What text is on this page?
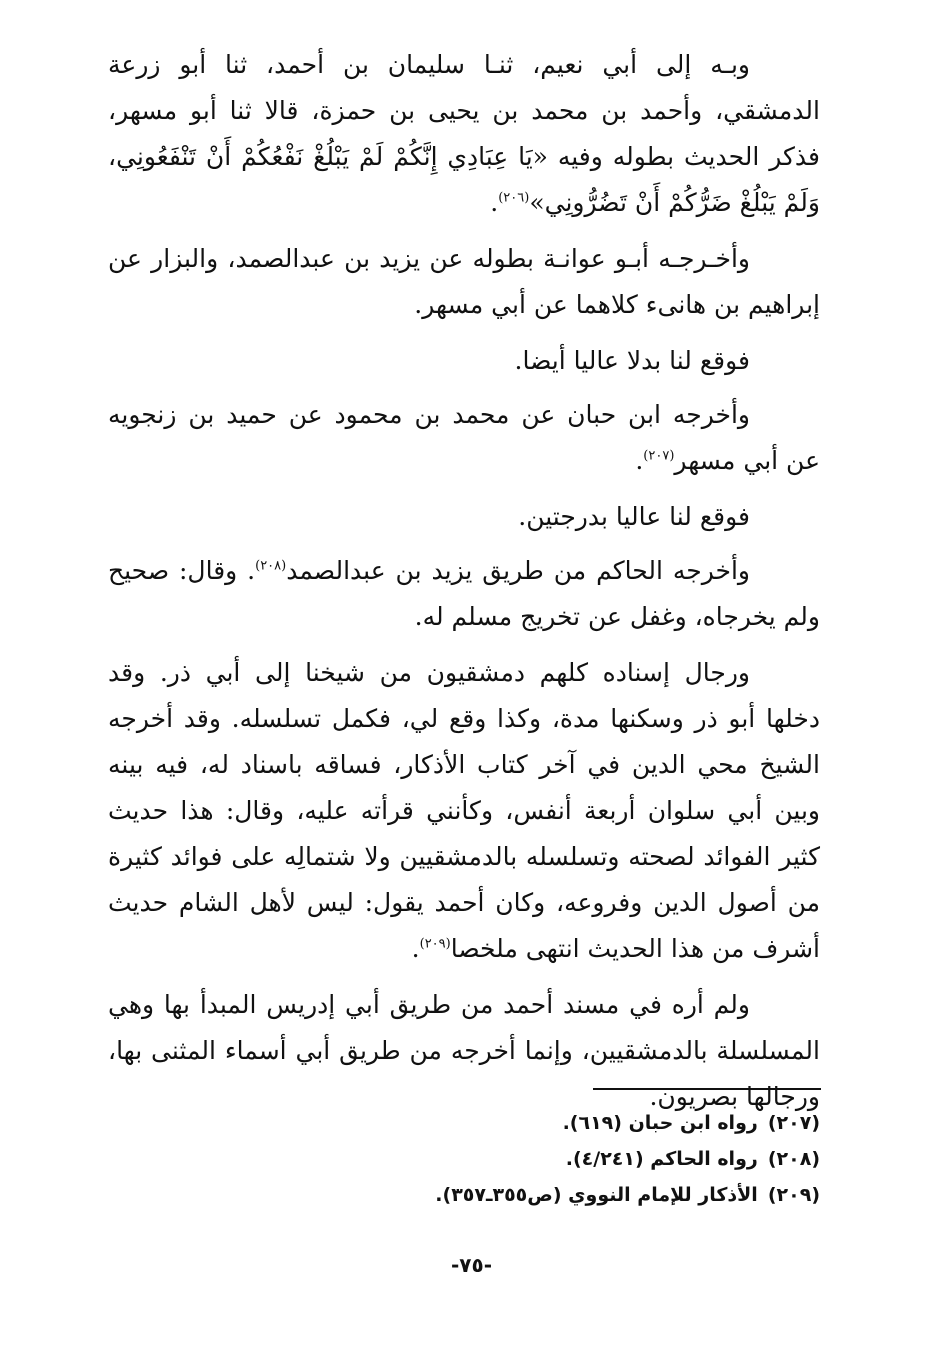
وبـه إلى أبي نعيم، ثنـا سليمان بن أحمد، ثنا أبو زرعة الدمشقي، وأحمد بن محمد بن يحيى بن حمزة، قالا ثنا أبو مسهر، فذكر الحديث بطوله وفيه «يَا عِبَادِي إِنَّكُمْ لَمْ يَبْلُغْ نَفْعُكُمْ أَنْ تَنْفَعُونِي، وَلَمْ يَبْلُغْ ضَرُّكُمْ أَنْ تَضُرُّونِي»$^{(٢٠٦)}$.

وأخـرجـه أبـو عوانـة بطوله عن يزيد بن عبدالصمد، والبزار عن إبراهيم بن هانىء كلاهما عن أبي مسهر.

فوقع لنا بدلا عاليا أيضا.

وأخرجه ابن حبان عن محمد بن محمود عن حميد بن زنجويه عن أبي مسهر$^{(٢٠٧)}$.

فوقع لنا عاليا بدرجتين.

وأخرجه الحاكم من طريق يزيد بن عبدالصمد$^{(٢٠٨)}$. وقال: صحيح ولم يخرجاه، وغفل عن تخريج مسلم له.

ورجال إسناده كلهم دمشقيون من شيخنا إلى أبي ذر. وقد دخلها أبو ذر وسكنها مدة، وكذا وقع لي، فكمل تسلسله. وقد أخرجه الشيخ محي الدين في آخر كتاب الأذكار، فساقه باسناد له، فيه بينه وبين أبي سلوان أربعة أنفس، وكأنني قرأته عليه، وقال: هذا حديث كثير الفوائد لصحته وتسلسله بالدمشقيين ولا شتمالِه على فوائد كثيرة من أصول الدين وفروعه، وكان أحمد يقول: ليس لأهل الشام حديث أشرف من هذا الحديث انتهى ملخصا$^{(٢٠٩)}$.

ولم أره في مسند أحمد من طريق أبي إدريس المبدأ بها وهي المسلسلة بالدمشقيين، وإنما أخرجه من طريق أبي أسماء المثنى بها، ورجالها بصريون.

(٢٠٧)رواه ابن حبان (٦١٩).

(٢٠٨)رواه الحاكم (٤/٢٤١).

(٢٠٩)الأذكار للإمام النووي (ص٣٥٥ـ٣٥٧).

-٧٥-
